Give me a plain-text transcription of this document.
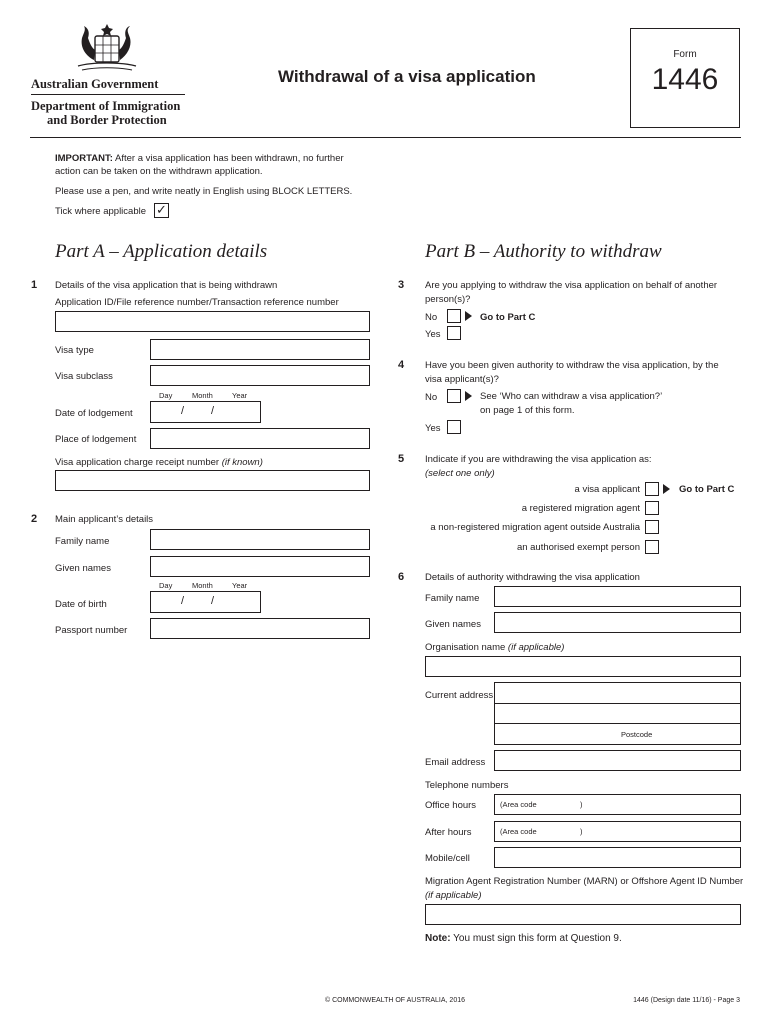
Australian Government
Department of Immigration
and Border Protection
Withdrawal of a visa application
Form
1446
IMPORTANT: After a visa application has been withdrawn, no further
action can be taken on the withdrawn application.
Please use a pen, and write neatly in English using BLOCK LETTERS.
Tick where applicable ✓
Part A – Application details
1 Details of the visa application that is being withdrawn
Application ID/File reference number/Transaction reference number
Visa type
Visa subclass
Day	Month	Year
Date of lodgement	/ /
Place of lodgement
Visa application charge receipt number (if known)
2 Main applicant’s details
Family name
Given names
Day	Month	Year
Date of birth	/ /
Passport number
Part B – Authority to withdraw
3 Are you applying to withdraw the visa application on behalf of another
person(s)?
No	Go to Part C
Yes
4 Have you been given authority to withdraw the visa application, by the
visa applicant(s)?
No	See ‘Who can withdraw a visa application?’
on page 1 of this form.
Yes
5 Indicate if you are withdrawing the visa application as:
(select one only)
a visa applicant	Go to Part C
a registered migration agent
a non-registered migration agent outside Australia
an authorised exempt person
6 Details of authority withdrawing the visa application
Family name
Given names
Organisation name (if applicable)
Current address
Postcode
Email address
Telephone numbers
Office hours	(Area code	)
After hours	(Area code	)
Mobile/cell
Migration Agent Registration Number (MARN) or Offshore Agent ID Number
(if applicable)
Note: You must sign this form at Question 9.
© COMMONWEALTH OF AUSTRALIA, 2016	1446 (Design date 11/16) - Page 3
